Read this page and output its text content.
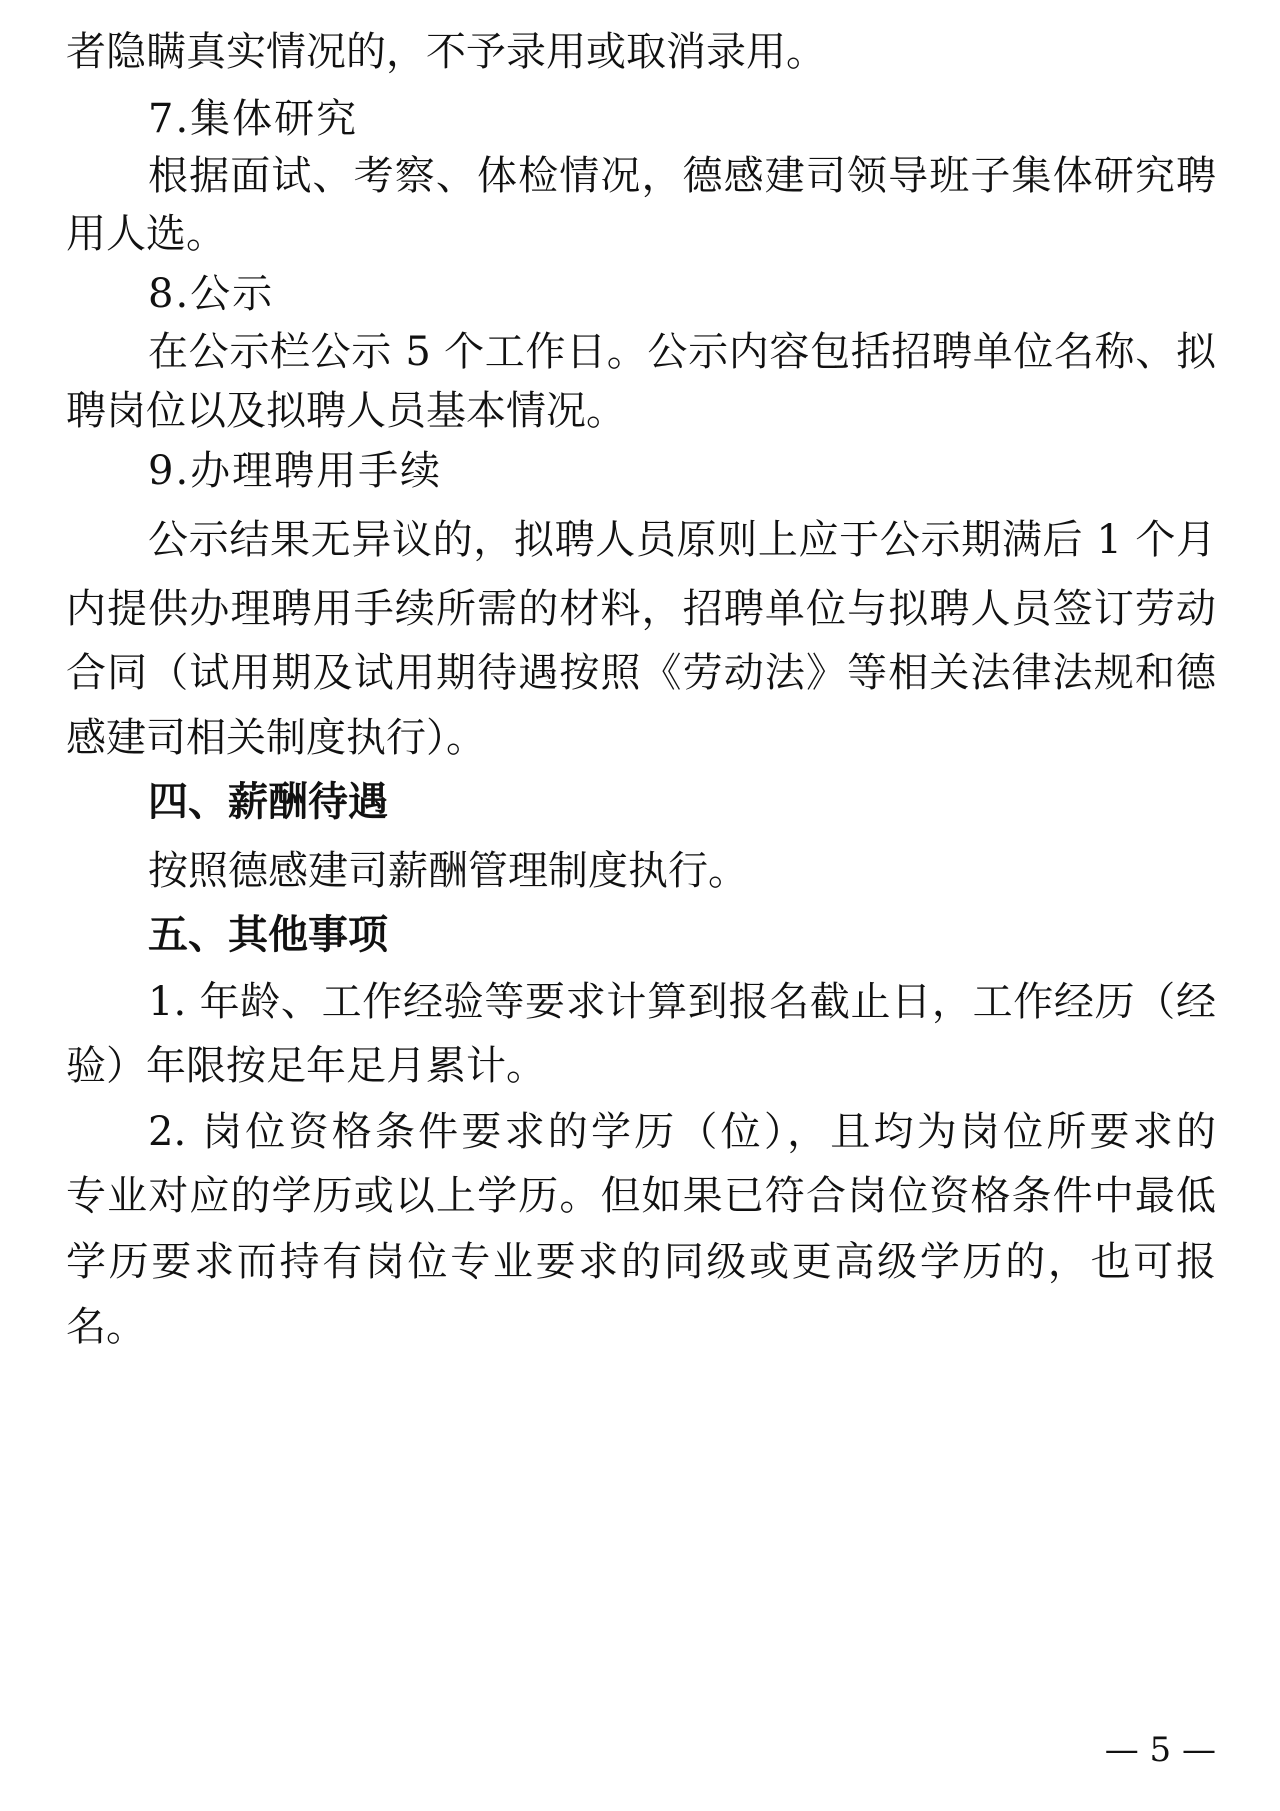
者隐瞒真实情况的，不予录用或取消录用。

7.集体研究

根据面试、考察、体检情况，德感建司领导班子集体研究聘

用人选。

8.公示

在公示栏公示 5 个工作日。公示内容包括招聘单位名称、拟

聘岗位以及拟聘人员基本情况。

9.办理聘用手续

公示结果无异议的，拟聘人员原则上应于公示期满后 1 个月

内提供办理聘用手续所需的材料，招聘单位与拟聘人员签订劳动

合同（试用期及试用期待遇按照《劳动法》等相关法律法规和德

感建司相关制度执行）。

四、薪酬待遇

按照德感建司薪酬管理制度执行。

五、其他事项

1. 年龄、工作经验等要求计算到报名截止日，工作经历（经

验）年限按足年足月累计。

2. 岗位资格条件要求的学历（位），且均为岗位所要求的

专业对应的学历或以上学历。但如果已符合岗位资格条件中最低

学历要求而持有岗位专业要求的同级或更高级学历的，也可报

名。

— 5 —
